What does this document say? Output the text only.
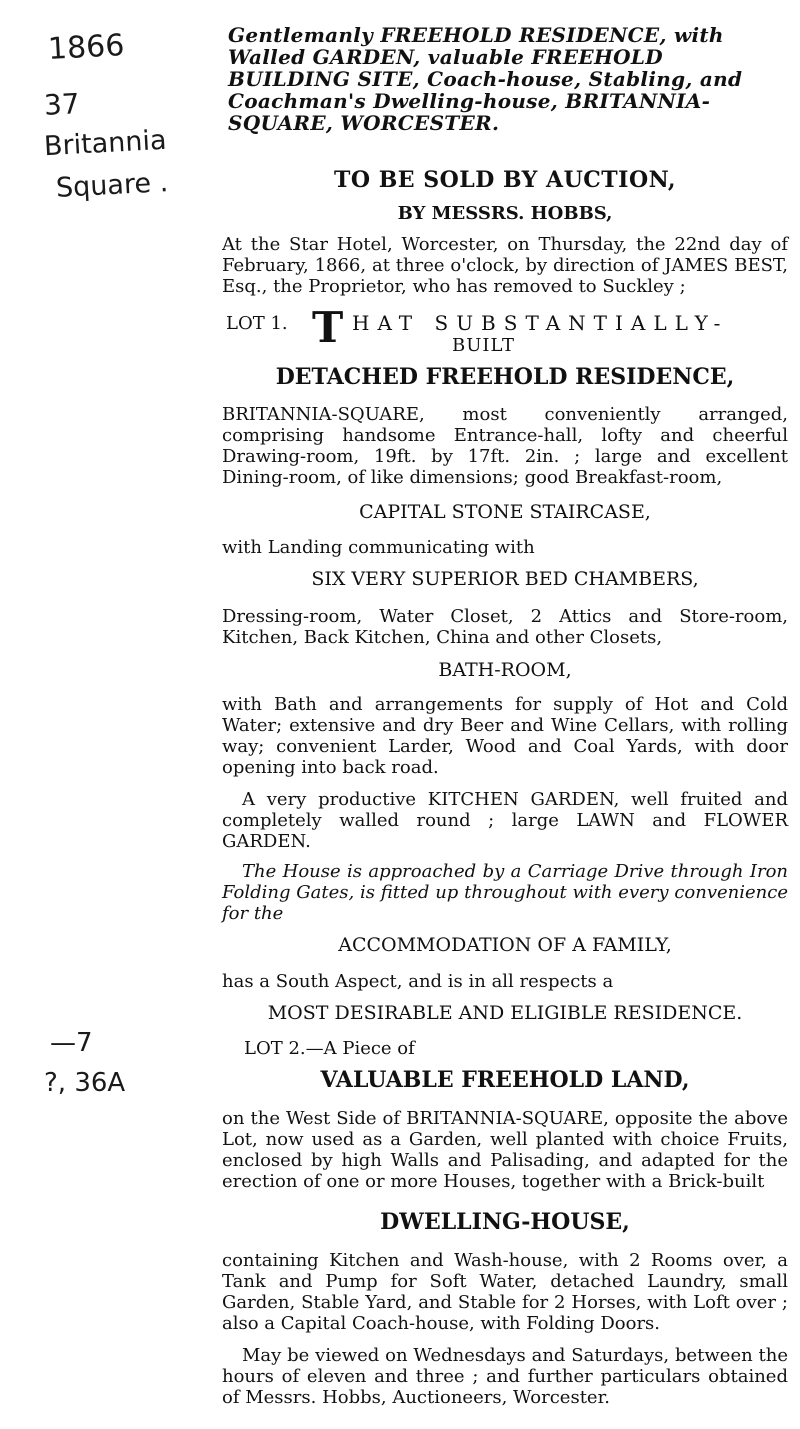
1866
37
Britannia
Square .
—7
?, 36A

Gentlemanly FREEHOLD RESIDENCE, with Walled GARDEN, valuable FREEHOLD BUILDING SITE, Coach-house, Stabling, and Coachman's Dwelling-house, BRITANNIA-SQUARE, WORCESTER.

TO BE SOLD BY AUCTION,

BY MESSRS. HOBBS,

At the Star Hotel, Worcester, on Thursday, the 22nd day of February, 1866, at three o'clock, by direction of JAMES BEST, Esq., the Proprietor, who has removed to Suckley ;

LOT 1. T HAT SUBSTANTIALLY-
BUILT

DETACHED FREEHOLD RESIDENCE,

BRITANNIA-SQUARE, most conveniently arranged, comprising handsome Entrance-hall, lofty and cheerful Drawing-room, 19ft. by 17ft. 2in. ; large and excellent Dining-room, of like dimensions; good Breakfast-room,

CAPITAL STONE STAIRCASE,

with Landing communicating with

SIX VERY SUPERIOR BED CHAMBERS,

Dressing-room, Water Closet, 2 Attics and Store-room, Kitchen, Back Kitchen, China and other Closets,

BATH-ROOM,

with Bath and arrangements for supply of Hot and Cold Water; extensive and dry Beer and Wine Cellars, with rolling way; convenient Larder, Wood and Coal Yards, with door opening into back road.

A very productive KITCHEN GARDEN, well fruited and completely walled round ; large LAWN and FLOWER GARDEN.

The House is approached by a Carriage Drive through Iron Folding Gates, is fitted up throughout with every convenience for the

ACCOMMODATION OF A FAMILY,

has a South Aspect, and is in all respects a

MOST DESIRABLE AND ELIGIBLE RESIDENCE.

LOT 2.—A Piece of

VALUABLE FREEHOLD LAND,

on the West Side of BRITANNIA-SQUARE, opposite the above Lot, now used as a Garden, well planted with choice Fruits, enclosed by high Walls and Palisading, and adapted for the erection of one or more Houses, together with a Brick-built

DWELLING-HOUSE,

containing Kitchen and Wash-house, with 2 Rooms over, a Tank and Pump for Soft Water, detached Laundry, small Garden, Stable Yard, and Stable for 2 Horses, with Loft over ; also a Capital Coach-house, with Folding Doors.

May be viewed on Wednesdays and Saturdays, between the hours of eleven and three ; and further particulars obtained of Messrs. Hobbs, Auctioneers, Worcester.
